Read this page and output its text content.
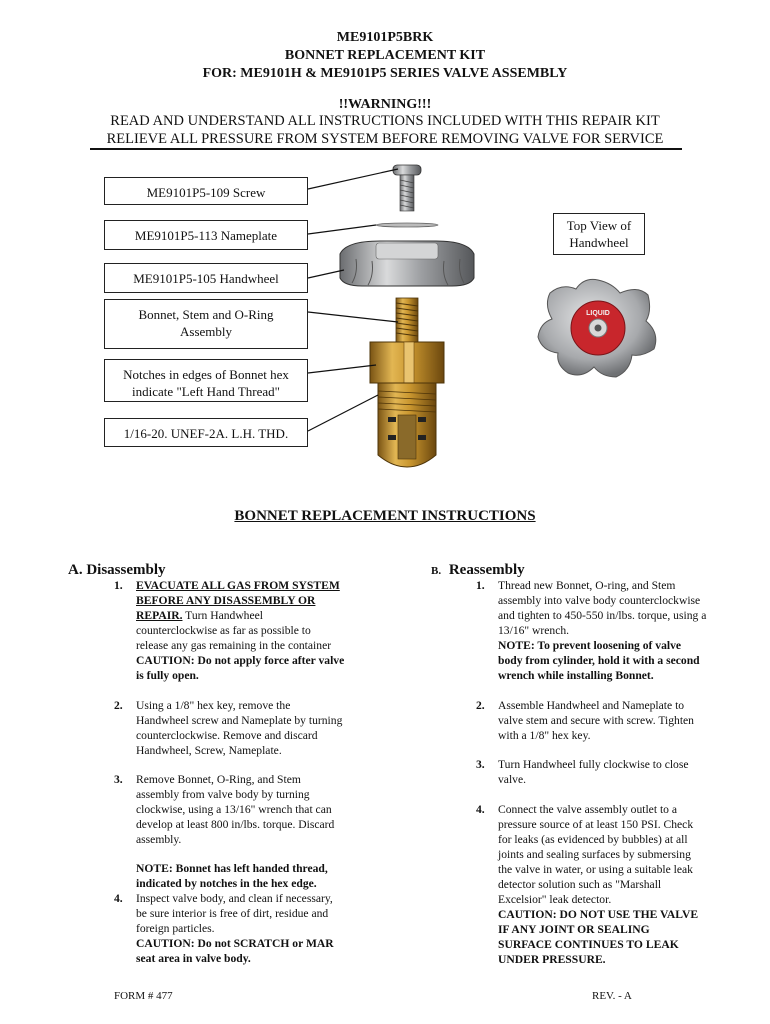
ME9101P5BRK
BONNET REPLACEMENT KIT
FOR: ME9101H & ME9101P5 SERIES VALVE ASSEMBLY
!!WARNING!!!
READ AND UNDERSTAND ALL INSTRUCTIONS INCLUDED WITH THIS REPAIR KIT
RELIEVE ALL PRESSURE FROM SYSTEM BEFORE REMOVING VALVE FOR SERVICE
LIQUID
ME9101P5-109 Screw
ME9101P5-113 Nameplate
ME9101P5-105 Handwheel
Bonnet, Stem and O-Ring
Assembly
Notches in edges of Bonnet hex
indicate "Left Hand Thread"
1/16-20. UNEF-2A. L.H. THD.
Top View of
Handwheel
BONNET REPLACEMENT INSTRUCTIONS
A. Disassembly
1. EVACUATE ALL GAS FROM SYSTEM
BEFORE ANY DISASSEMBLY OR
REPAIR. Turn Handwheel
counterclockwise as far as possible to
release any gas remaining in the container
CAUTION: Do not apply force after valve
is fully open.
2. Using a 1/8" hex key, remove the
Handwheel screw and Nameplate by turning
counterclockwise. Remove and discard
Handwheel, Screw, Nameplate.
3. Remove Bonnet, O-Ring, and Stem
assembly from valve body by turning
clockwise, using a 13/16" wrench that can
develop at least 800 in/lbs. torque. Discard
assembly.
NOTE: Bonnet has left handed thread,
indicated by notches in the hex edge.
4. Inspect valve body, and clean if necessary,
be sure interior is free of dirt, residue and
foreign particles.
CAUTION: Do not SCRATCH or MAR
seat area in valve body.
B. Reassembly
1. Thread new Bonnet, O-ring, and Stem
assembly into valve body counterclockwise
and tighten to 450-550 in/lbs. torque, using a
13/16" wrench.
NOTE: To prevent loosening of valve
body from cylinder, hold it with a second
wrench while installing Bonnet.
2. Assemble Handwheel and Nameplate to
valve stem and secure with screw. Tighten
with a 1/8" hex key.
3. Turn Handwheel fully clockwise to close
valve.
4. Connect the valve assembly outlet to a
pressure source of at least 150 PSI. Check
for leaks (as evidenced by bubbles) at all
joints and sealing surfaces by submersing
the valve in water, or using a suitable leak
detector solution such as "Marshall
Excelsior" leak detector.
CAUTION: DO NOT USE THE VALVE
IF ANY JOINT OR SEALING
SURFACE CONTINUES TO LEAK
UNDER PRESSURE.
FORM # 477	REV. - A
